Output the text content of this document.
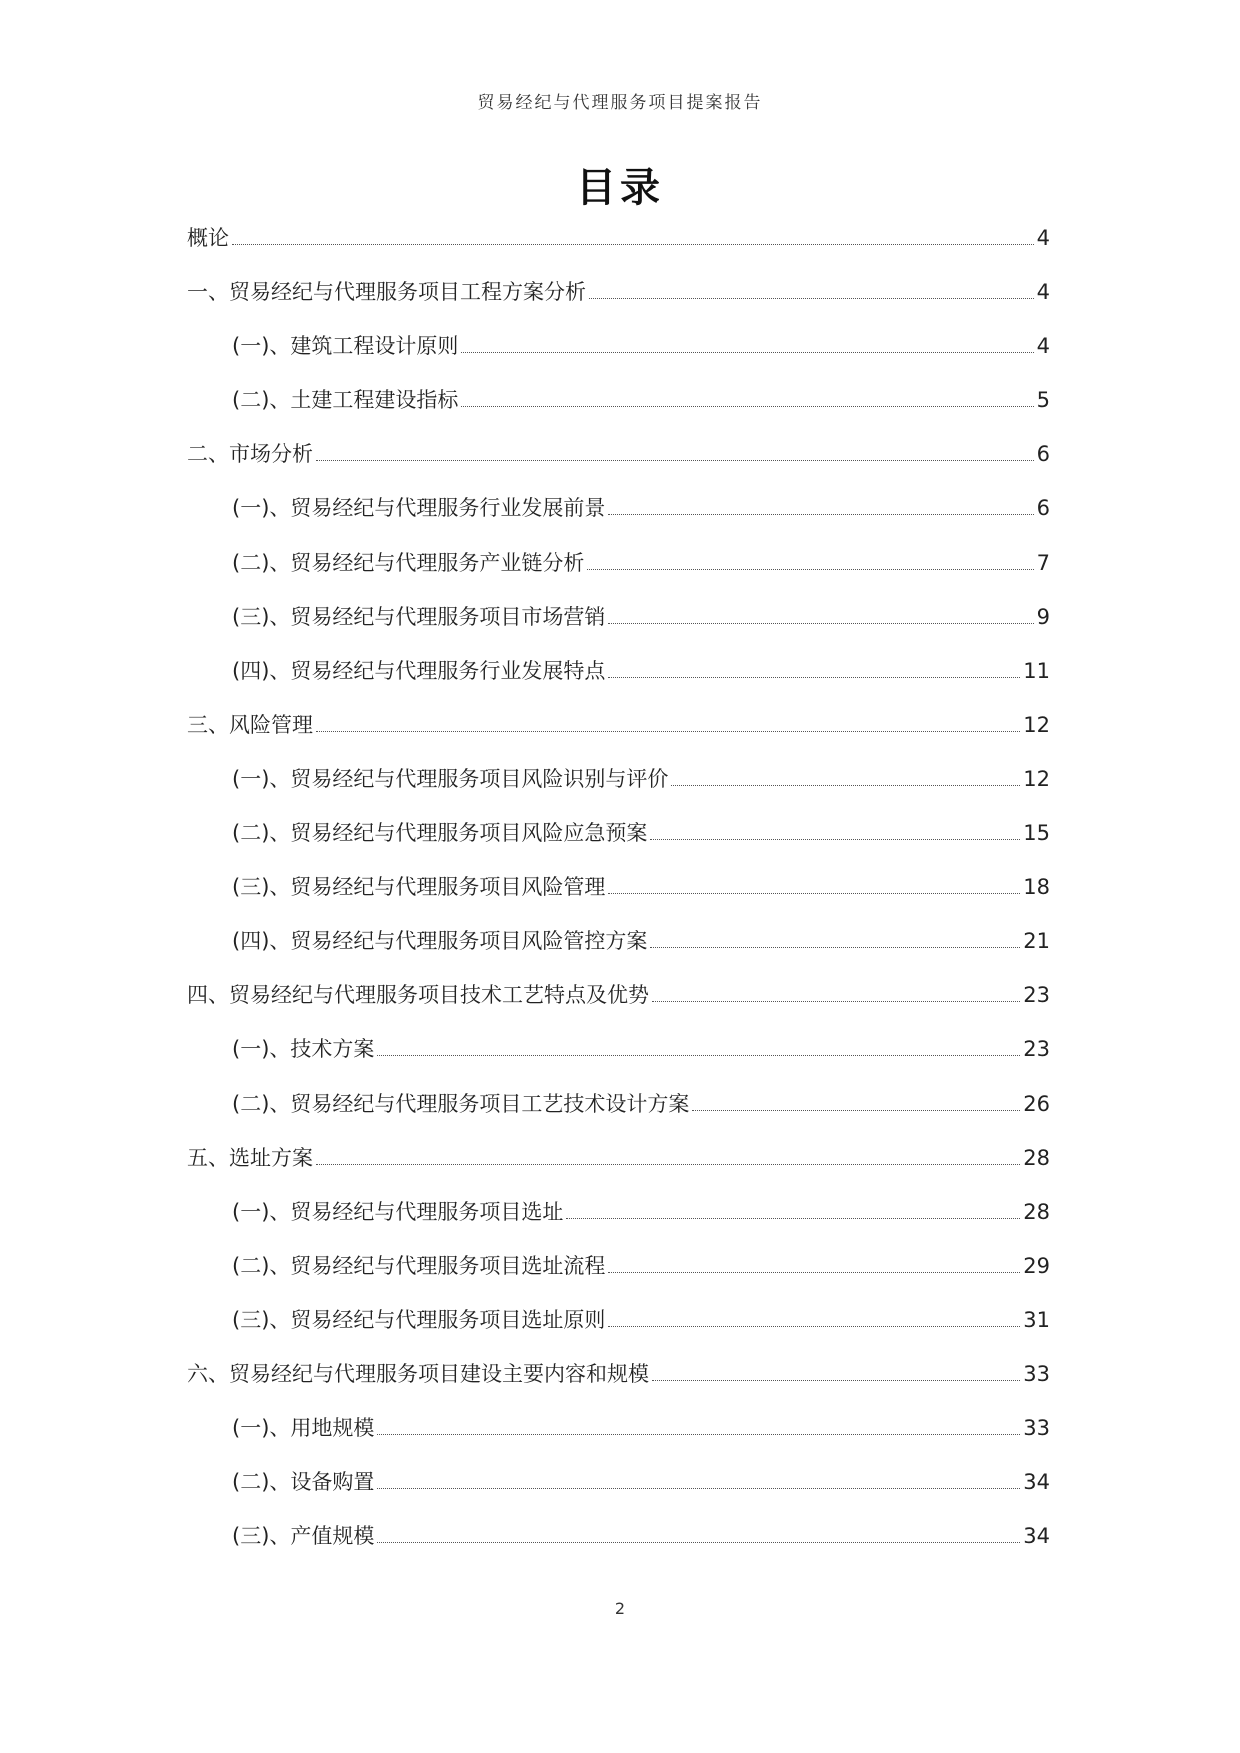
贸易经纪与代理服务项目提案报告
目录
概论	4
一、贸易经纪与代理服务项目工程方案分析	4
(一)、建筑工程设计原则	4
(二)、土建工程建设指标	5
二、市场分析	6
(一)、贸易经纪与代理服务行业发展前景	6
(二)、贸易经纪与代理服务产业链分析	7
(三)、贸易经纪与代理服务项目市场营销	9
(四)、贸易经纪与代理服务行业发展特点	11
三、风险管理	12
(一)、贸易经纪与代理服务项目风险识别与评价	12
(二)、贸易经纪与代理服务项目风险应急预案	15
(三)、贸易经纪与代理服务项目风险管理	18
(四)、贸易经纪与代理服务项目风险管控方案	21
四、贸易经纪与代理服务项目技术工艺特点及优势	23
(一)、技术方案	23
(二)、贸易经纪与代理服务项目工艺技术设计方案	26
五、选址方案	28
(一)、贸易经纪与代理服务项目选址	28
(二)、贸易经纪与代理服务项目选址流程	29
(三)、贸易经纪与代理服务项目选址原则	31
六、贸易经纪与代理服务项目建设主要内容和规模	33
(一)、用地规模	33
(二)、设备购置	34
(三)、产值规模	34
2
